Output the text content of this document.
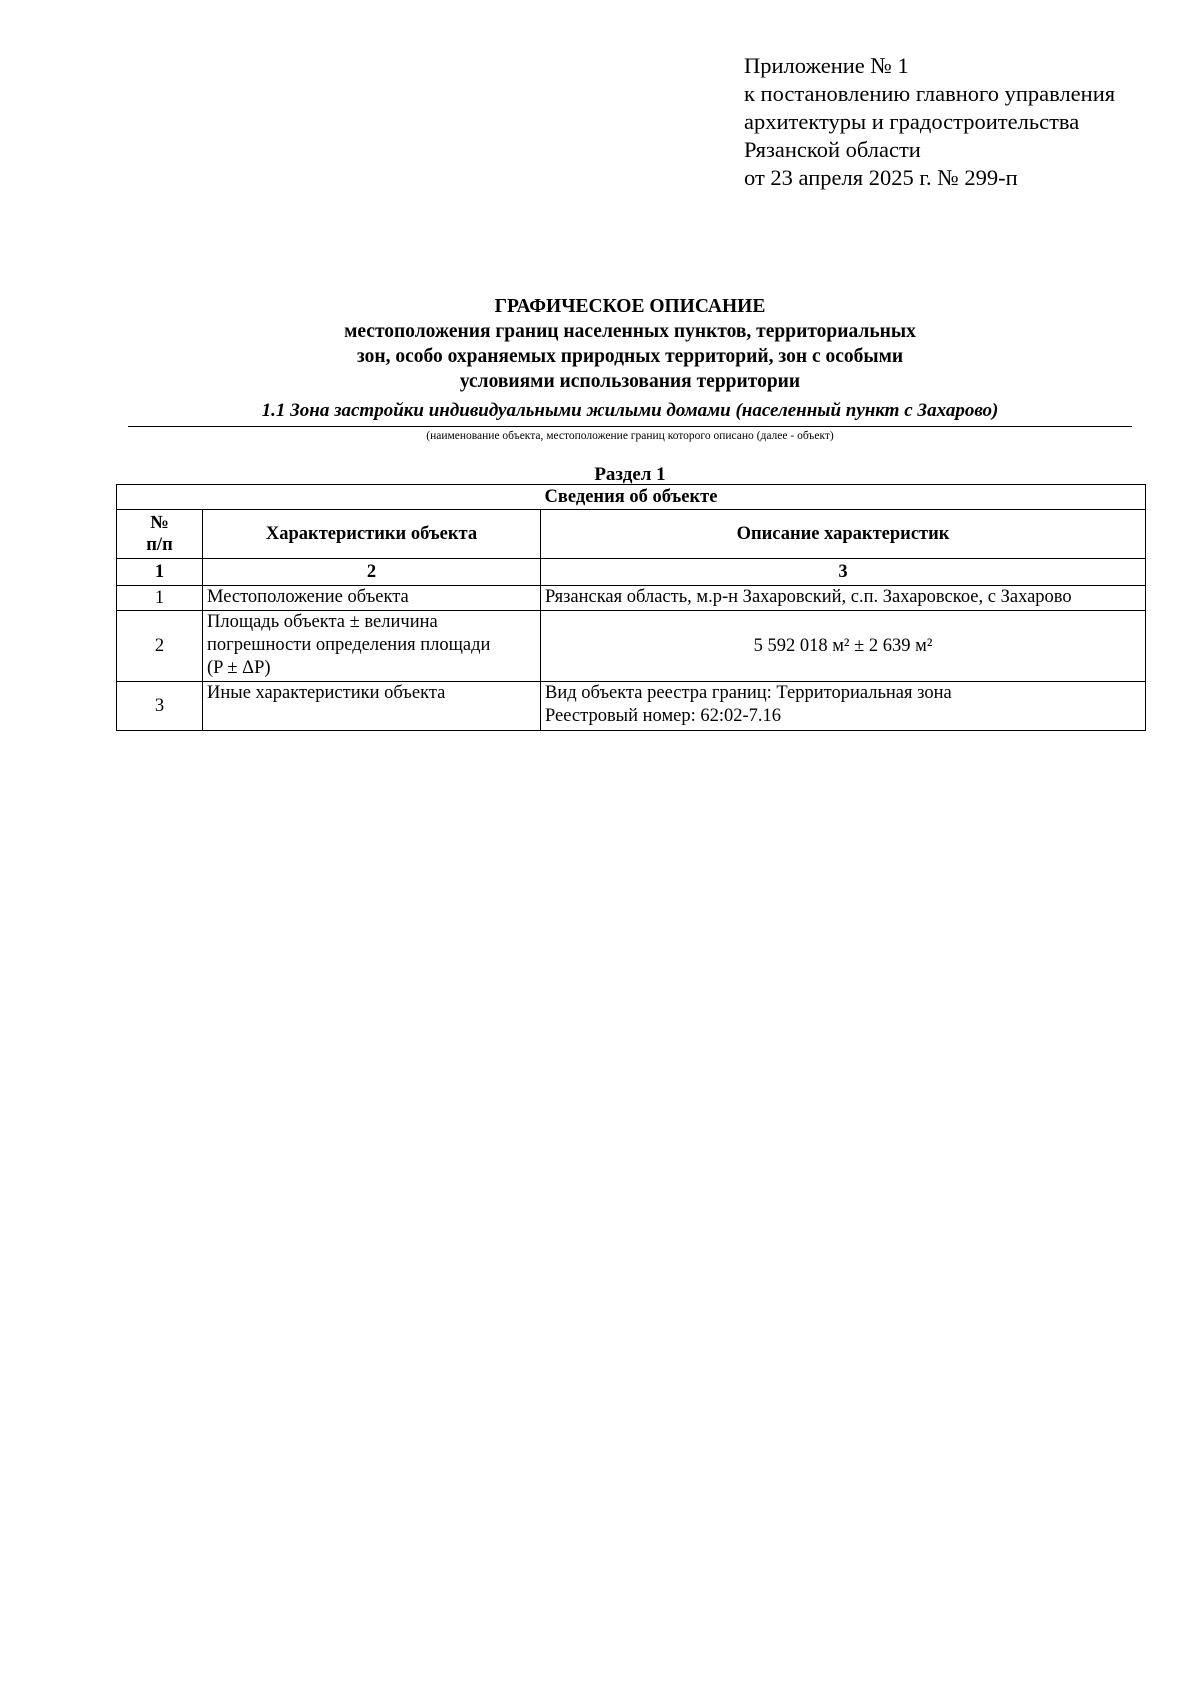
Приложение № 1
к постановлению главного управления
архитектуры и градостроительства
Рязанской области
от 23 апреля 2025 г. № 299-п
ГРАФИЧЕСКОЕ ОПИСАНИЕ
местоположения границ населенных пунктов, территориальных
зон, особо охраняемых природных территорий, зон с особыми
условиями использования территории
1.1 Зона застройки индивидуальными жилыми домами (населенный пункт с Захарово)
(наименование объекта, местоположение границ которого описано (далее - объект)
Раздел 1
Сведения об объекте		

№
п/п	Характеристики объекта	Описание характеристик
1	2	3
1	Местоположение объекта	Рязанская область, м.р-н Захаровский, с.п. Захаровское, с Захарово

2	Площадь объекта ± величина
погрешности определения площади
(P ± ΔP)	5 592 018 м² ± 2 639 м²

3	Иные характеристики объекта	Вид объекта реестра границ: Территориальная зона
Реестровый номер: 62:02-7.16
